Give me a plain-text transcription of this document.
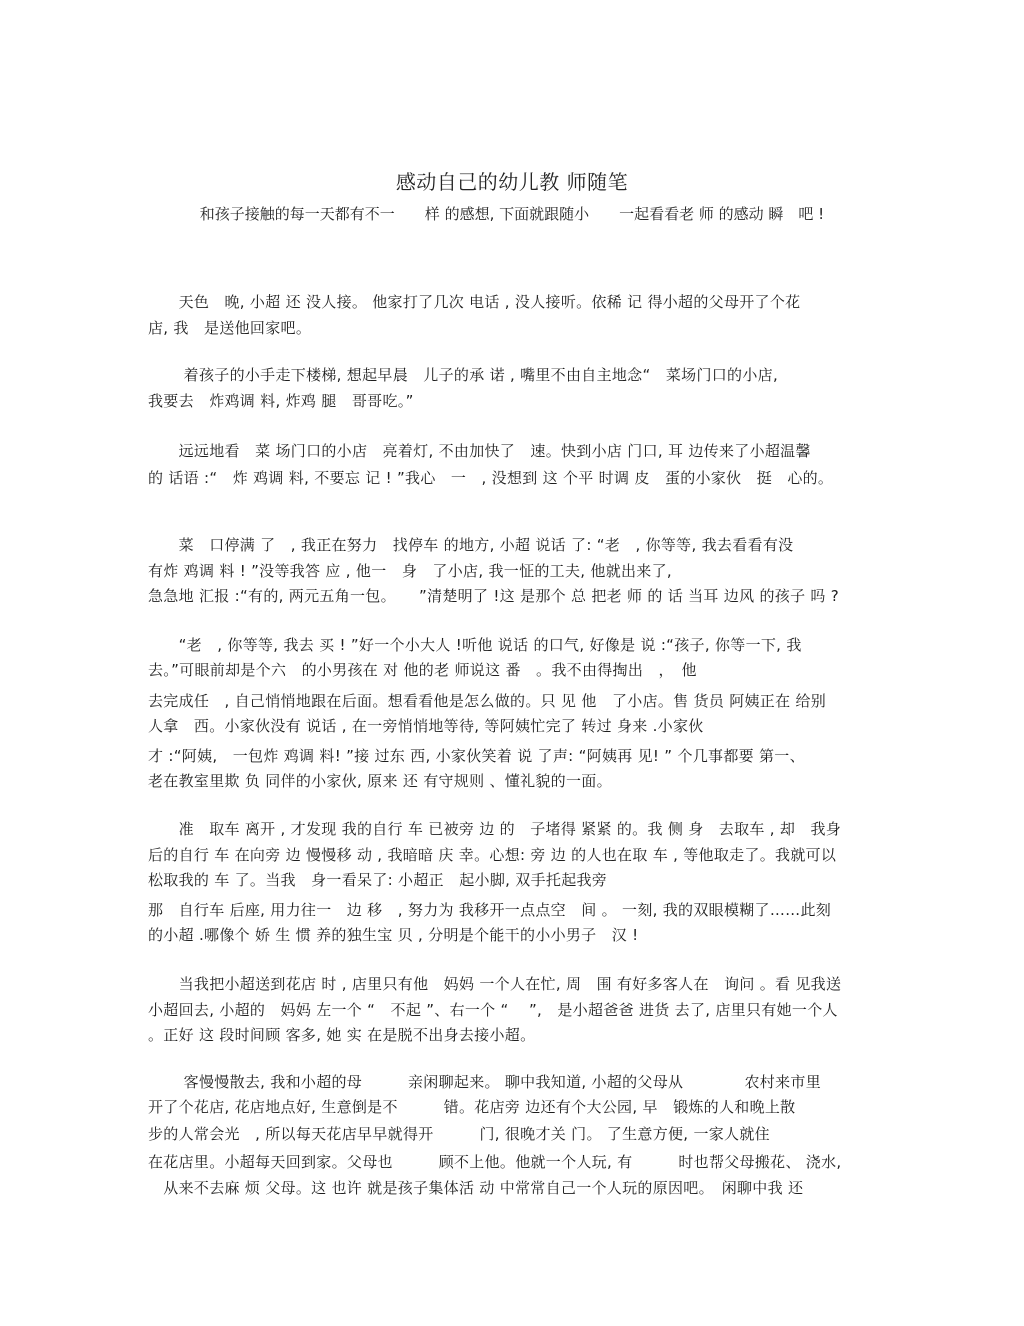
感动自己的幼儿教 师随笔
和孩子接触的每一天都有不一　　样 的感想, 下面就跟随小　　一起看看老 师 的感动 瞬　吧 !
　　天色　晚, 小超 还 没人接。 他家打了几次 电话 , 没人接听。依稀 记 得小超的父母开了个花
店, 我　是送他回家吧。
　　 着孩子的小手走下楼梯, 想起早晨　儿子的承 诺 , 嘴里不由自主地念“　菜场门口的小店,
我要去　炸鸡调 料, 炸鸡 腿　哥哥吃。”
　　远远地看　菜 场门口的小店　亮着灯, 不由加快了　速。快到小店 门口, 耳 边传来了小超温馨
的 话语 :“　炸 鸡调 料, 不要忘 记 ! ”我心　一　, 没想到 这 个平 时调 皮　蛋的小家伙　挺　心的。
　　菜　口停满 了　, 我正在努力　找停车 的地方, 小超 说话 了: “老　, 你等等, 我去看看有没
有炸 鸡调 料 ! ”没等我答 应 , 他一　身　了小店, 我一怔的工夫, 他就出来了,
急急地 汇报 :“有的, 两元五角一包。　　”清楚明了 !这 是那个 总 把老 师 的 话 当耳 边风 的孩子 吗 ?
　　“老　, 你等等, 我去 买 ! ”好一个小大人 !听他 说话 的口气, 好像是 说 :“孩子, 你等一下, 我
去。”可眼前却是个六　的小男孩在 对 他的老 师说这 番　。我不由得掏出　，　他
去完成任　, 自己悄悄地跟在后面。想看看他是怎么做的。只 见 他　了小店。售 货员 阿姨正在 给别
人拿　西。小家伙没有 说话 , 在一旁悄悄地等待, 等阿姨忙完了 转过 身来 .小家伙
才 :“阿姨,　一包炸 鸡调 料! ”接 过东 西, 小家伙笑着 说 了声: “阿姨再 见! ” 个几事都要 第一、
老在教室里欺 负 同伴的小家伙, 原来 还 有守规则 、懂礼貌的一面。
　　准　取车 离开 , 才发现 我的自行 车 已被旁 边 的　子堵得 紧紧 的。我 侧 身　去取车 , 却　我身
后的自行 车 在向旁 边 慢慢移 动 , 我暗暗 庆 幸。心想: 旁 边 的人也在取 车 , 等他取走了。我就可以
松取我的 车 了。当我　身一看呆了: 小超正　起小脚, 双手托起我旁
那　自行车 后座, 用力往一　边 移　, 努力为 我移开一点点空　间 。 一刻, 我的双眼模糊了……此刻
的小超 .哪像个 娇 生 惯 养的独生宝 贝 , 分明是个能干的小小男子　汉 !
　　当我把小超送到花店 时 , 店里只有他　妈妈 一个人在忙, 周　围 有好多客人在　询问 。看 见我送
小超回去, 小超的　妈妈 左一个 “　不起 ”、右一个 “　 ”,　是小超爸爸 进货 去了, 店里只有她一个人
。正好 这 段时间顾 客多, 她 实 在是脱不出身去接小超。
　　 客慢慢散去, 我和小超的母　　　亲闲聊起来。 聊中我知道, 小超的父母从　　　　农村来市里
开了个花店, 花店地点好, 生意倒是不　　　错。花店旁 边还有个大公园, 早　锻炼的人和晚上散
步的人常会光　, 所以每天花店早早就得开　　　门, 很晚才关 门。 了生意方便, 一家人就住
在花店里。小超每天回到家。父母也　　　顾不上他。他就一个人玩, 有　　　时也帮父母搬花、 浇水,
　从来不去麻 烦 父母。这 也许 就是孩子集体活 动 中常常自己一个人玩的原因吧。　闲聊中我 还
